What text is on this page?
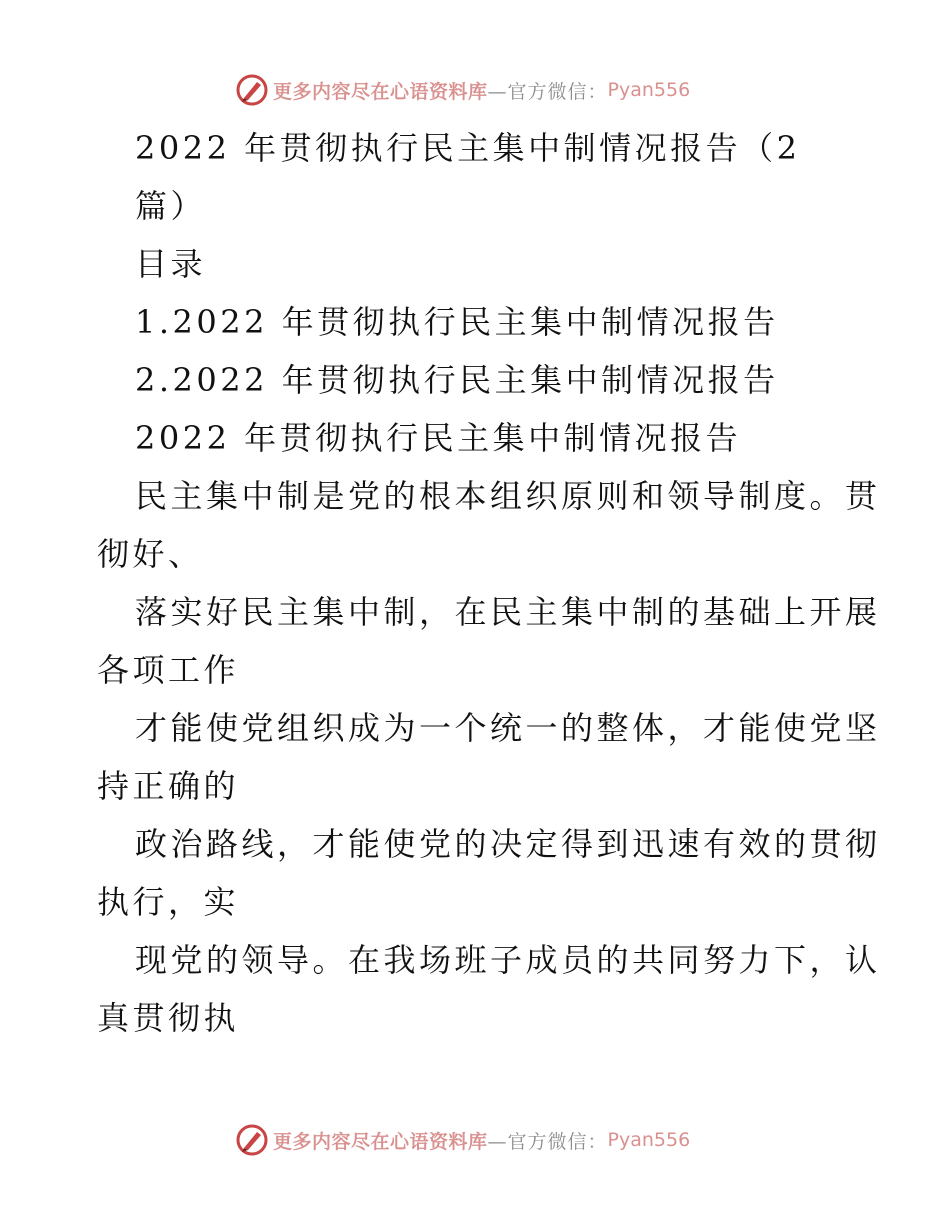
更多内容尽在心语资料库 —官方微信： Pyan556
2022 年贯彻执行民主集中制情况报告（2
篇）
目录
1.2022 年贯彻执行民主集中制情况报告
2.2022 年贯彻执行民主集中制情况报告
2022 年贯彻执行民主集中制情况报告
民主集中制是党的根本组织原则和领导制度。贯
彻好、
落实好民主集中制，在民主集中制的基础上开展
各项工作
才能使党组织成为一个统一的整体，才能使党坚
持正确的
政治路线，才能使党的决定得到迅速有效的贯彻
执行，实
现党的领导。在我场班子成员的共同努力下，认
真贯彻执
更多内容尽在心语资料库 —官方微信： Pyan556
